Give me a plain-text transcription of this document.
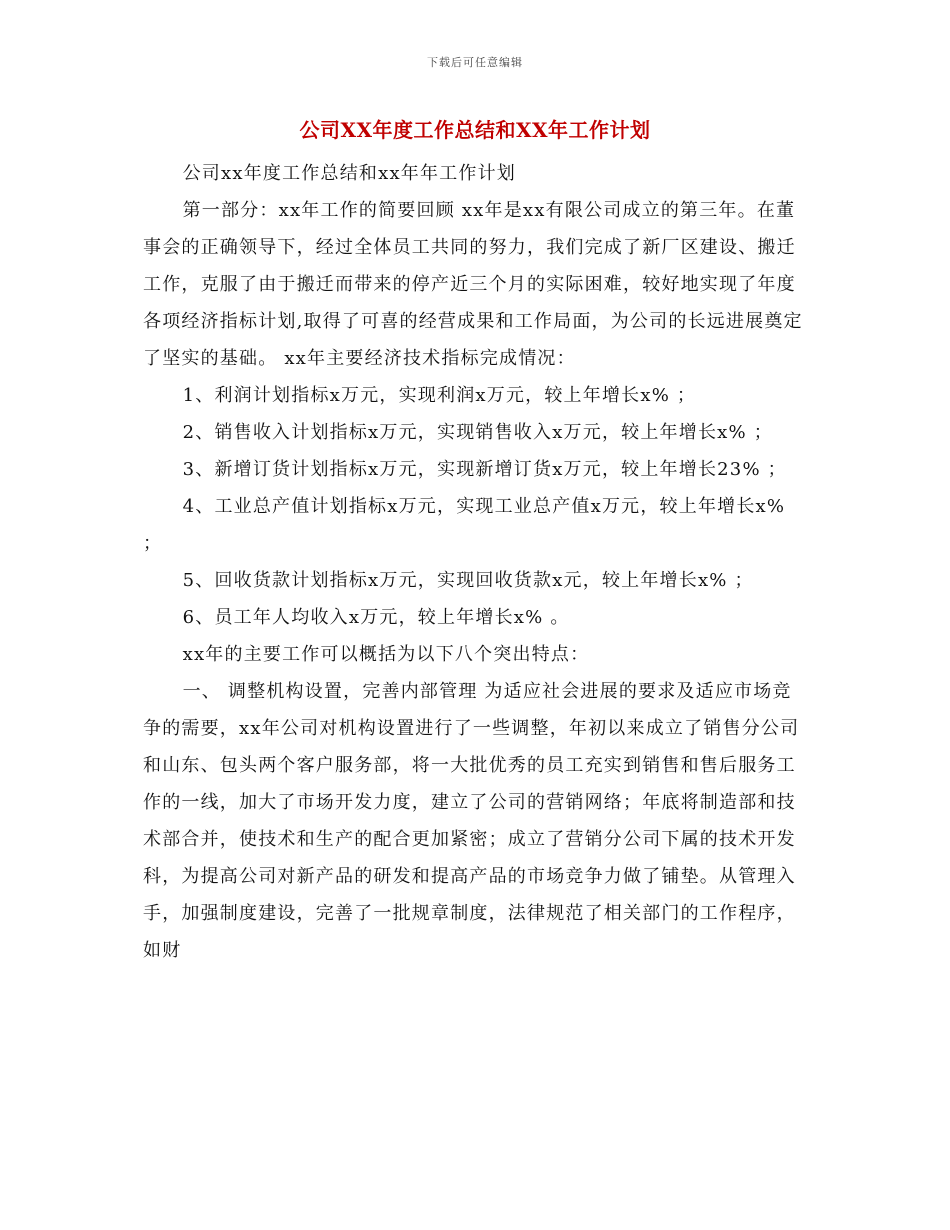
下载后可任意编辑
公司XX年度工作总结和XX年工作计划

公司xx年度工作总结和xx年年工作计划

第一部分：xx年工作的简要回顾 xx年是xx有限公司成立的第三年。在董事会的正确领导下，经过全体员工共同的努力，我们完成了新厂区建设、搬迁工作，克服了由于搬迁而带来的停产近三个月的实际困难，较好地实现了年度各项经济指标计划,取得了可喜的经营成果和工作局面，为公司的长远进展奠定了坚实的基础。 xx年主要经济技术指标完成情况：

1、利润计划指标x万元，实现利润x万元，较上年增长x% ；

2、销售收入计划指标x万元，实现销售收入x万元，较上年增长x% ；

3、新增订货计划指标x万元，实现新增订货x万元，较上年增长23% ；

4、工业总产值计划指标x万元，实现工业总产值x万元，较上年增长x% ；

5、回收货款计划指标x万元，实现回收货款x元，较上年增长x% ；

6、员工年人均收入x万元，较上年增长x% 。

xx年的主要工作可以概括为以下八个突出特点：

一、 调整机构设置，完善内部管理 为适应社会进展的要求及适应市场竞争的需要，xx年公司对机构设置进行了一些调整，年初以来成立了销售分公司和山东、包头两个客户服务部，将一大批优秀的员工充实到销售和售后服务工作的一线，加大了市场开发力度，建立了公司的营销网络；年底将制造部和技术部合并，使技术和生产的配合更加紧密；成立了营销分公司下属的技术开发科，为提高公司对新产品的研发和提高产品的市场竞争力做了铺垫。从管理入手，加强制度建设，完善了一批规章制度，法律规范了相关部门的工作程序，如财
